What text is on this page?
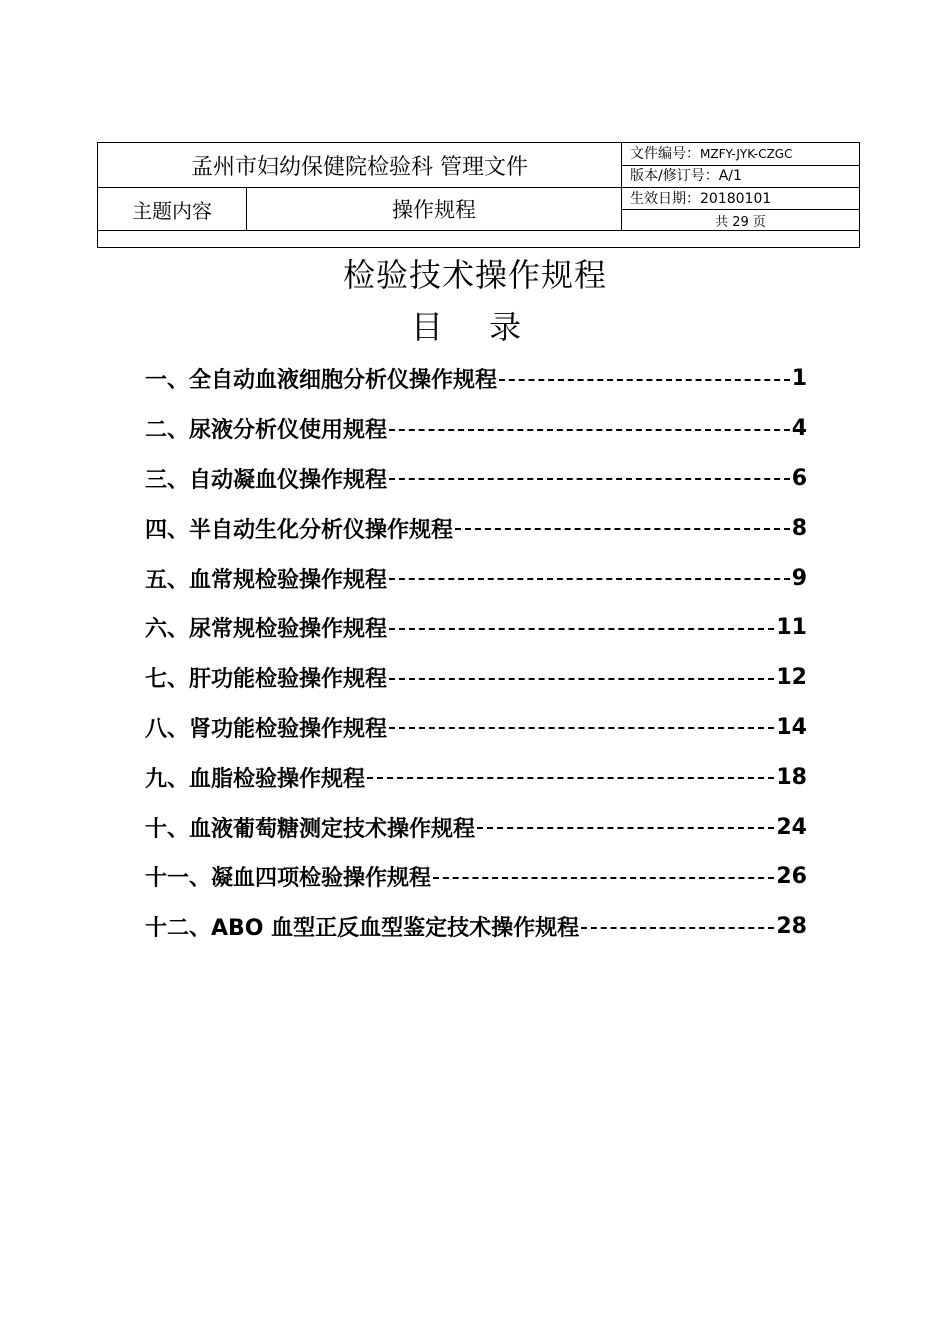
孟州市妇幼保健院检验科 管理文件		文件编号：MZFY-JYK-CZGC
		版本/修订号：A/1
主题内容	操作规程	生效日期：20180101
		共 29 页

检验技术操作规程
目 录
一、全自动血液细胞分析仪操作规程	1
二、尿液分析仪使用规程	4
三、自动凝血仪操作规程	6
四、半自动生化分析仪操作规程	8
五、血常规检验操作规程	9
六、尿常规检验操作规程	11
七、肝功能检验操作规程	12
八、肾功能检验操作规程	14
九、血脂检验操作规程	18
十、血液葡萄糖测定技术操作规程	24
十一、凝血四项检验操作规程	26
十二、ABO 血型正反血型鉴定技术操作规程	28
